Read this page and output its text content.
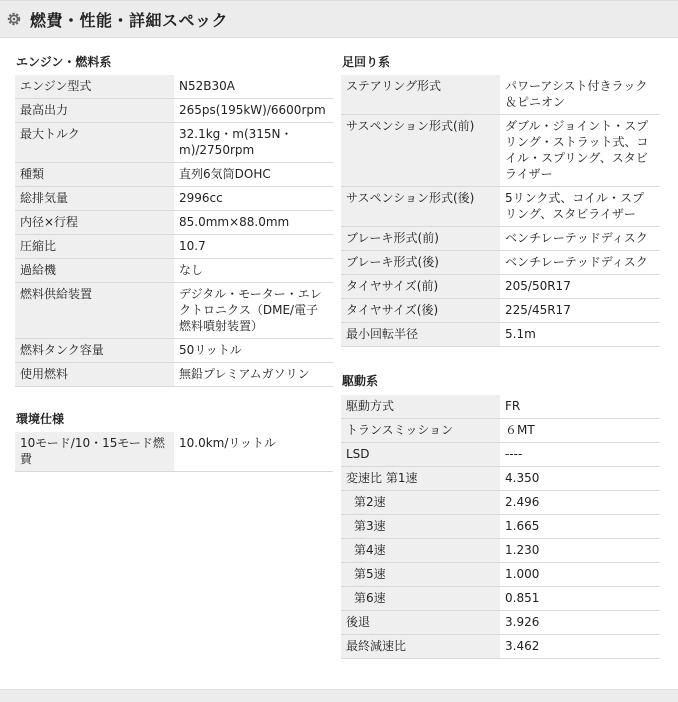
燃費・性能・詳細スペック
エンジン・燃料系
エンジン型式	N52B30A
最高出力	265ps(195kW)/6600rpm
最大トルク	32.1kg・m(315N・m)/2750rpm
種類	直列6気筒DOHC
総排気量	2996cc
内径×行程	85.0mm×88.0mm
圧縮比	10.7
過給機	なし
燃料供給装置	デジタル・モーター・エレクトロニクス（DME/電子燃料噴射装置）
燃料タンク容量	50リットル
使用燃料	無鉛プレミアムガソリン
環境仕様
10モード/10・15モード燃費	10.0km/リットル
足回り系
ステアリング形式	パワーアシスト付きラック＆ピニオン
サスペンション形式(前)	ダブル・ジョイント・スプリング・ストラット式、コイル・スプリング、スタビライザー
サスペンション形式(後)	5リンク式、コイル・スプリング、スタビライザー
ブレーキ形式(前)	ベンチレーテッドディスク
ブレーキ形式(後)	ベンチレーテッドディスク
タイヤサイズ(前)	205/50R17
タイヤサイズ(後)	225/45R17
最小回転半径	5.1m
駆動系
駆動方式	FR
トランスミッション	６MT
LSD	----
変速比 第1速	4.350
第2速	2.496
第3速	1.665
第4速	1.230
第5速	1.000
第6速	0.851
後退	3.926
最終減速比	3.462
